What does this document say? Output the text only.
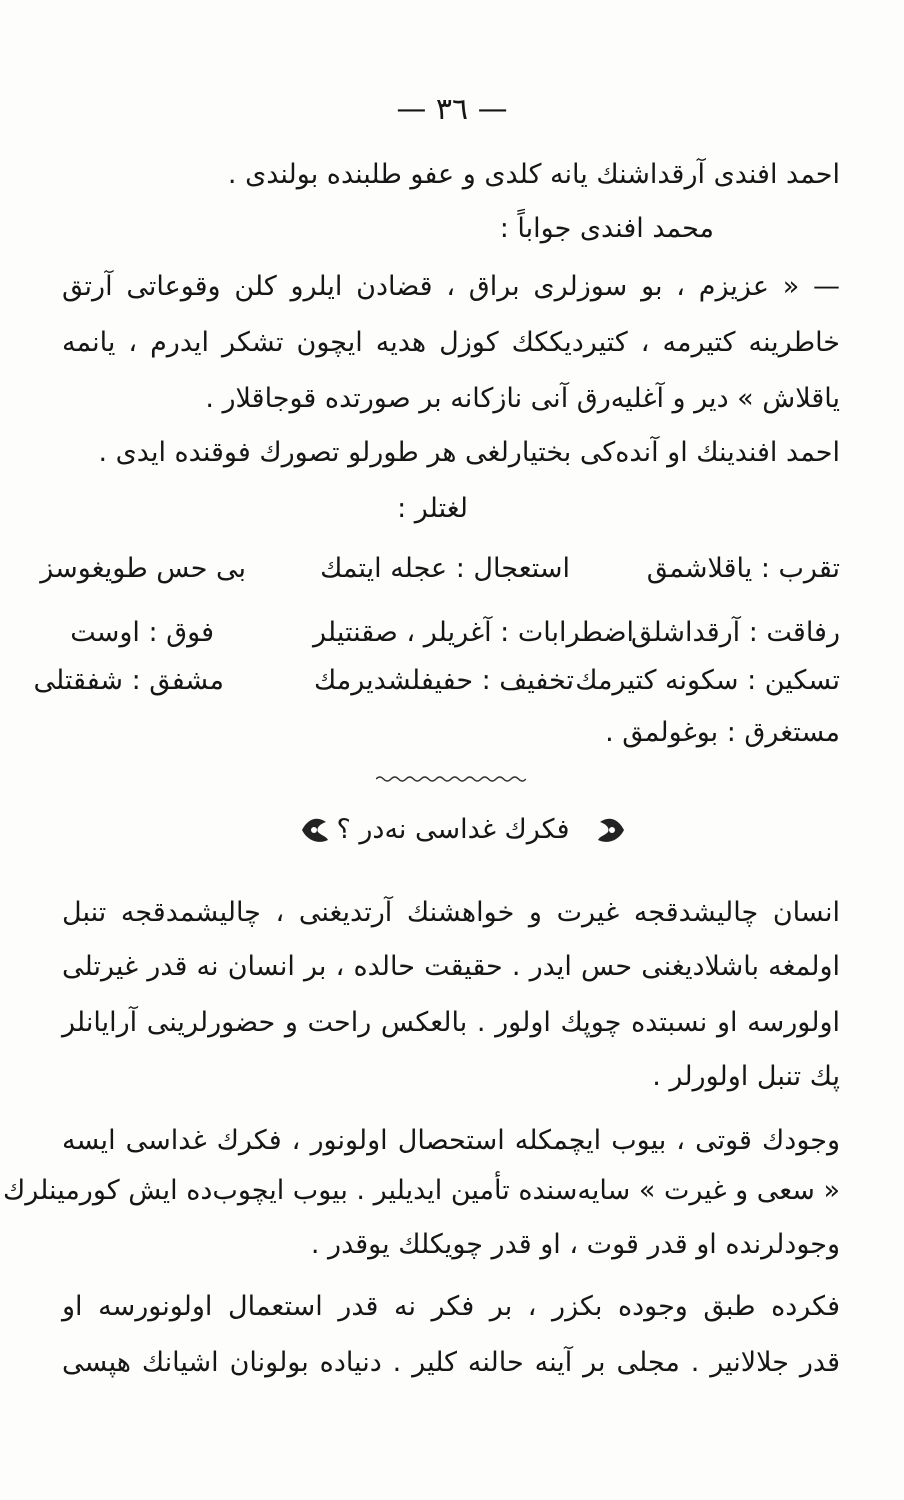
— ٣٦ —
احمد افندی آرقداشنك یانه كلدی و عفو طلبنده بولندی .
محمد افندی جواباً :
— « عزیزم ، بو سوزلری براق ، قضادن ایلرو كلن وقوعاتی آرتق
خاطرینه كتیرمه ، كتیردیككك كوزل هدیه ایچون تشكر ایدرم ، یانمه
یاقلاش » دیر و آغلیه‌رق آنی نازكانه بر صورتده قوجاقلار .
احمد افندینك او آنده‌كی بختیارلغی هر طورلو تصورك فوقنده ایدی .
لغتلر :
تقرب : یاقلاشمق
استعجال : عجله ایتمك
بی حس طویغوسز
رفاقت : آرقداشلق
اضطرابات : آغریلر ، صقنتیلر
فوق : اوست
تسكین : سكونه كتیرمك
تخفیف : حفیفلشدیرمك
مشفق : شفقتلی
مستغرق : بوغولمق .
فكرك غداسی نه‌در ؟
انسان چالیشدقجه غیرت و خواهشنك آرتدیغنی ، چالیشمدقجه تنبل
اولمغه باشلادیغنی حس ایدر . حقیقت حالده ، بر انسان نه قدر غیرتلی
اولورسه او نسبتده چوپك اولور . بالعكس راحت و حضورلرینی آرایانلر
پك تنبل اولورلر .
وجودك قوتی ، بیوب ایچمكله استحصال اولونور ، فكرك غداسی ایسه
« سعی و غیرت » سایه‌سنده تأمین ایدیلیر . بیوب ایچوب‌ده ایش كورمینلرك
وجودلرنده او قدر قوت ، او قدر چویكلك یوقدر .
فكرده طبق وجوده بكزر ، بر فكر نه قدر استعمال اولونورسه او
قدر جلالانیر . مجلی بر آینه حالنه كلیر . دنیاده بولونان اشیانك هپسی
